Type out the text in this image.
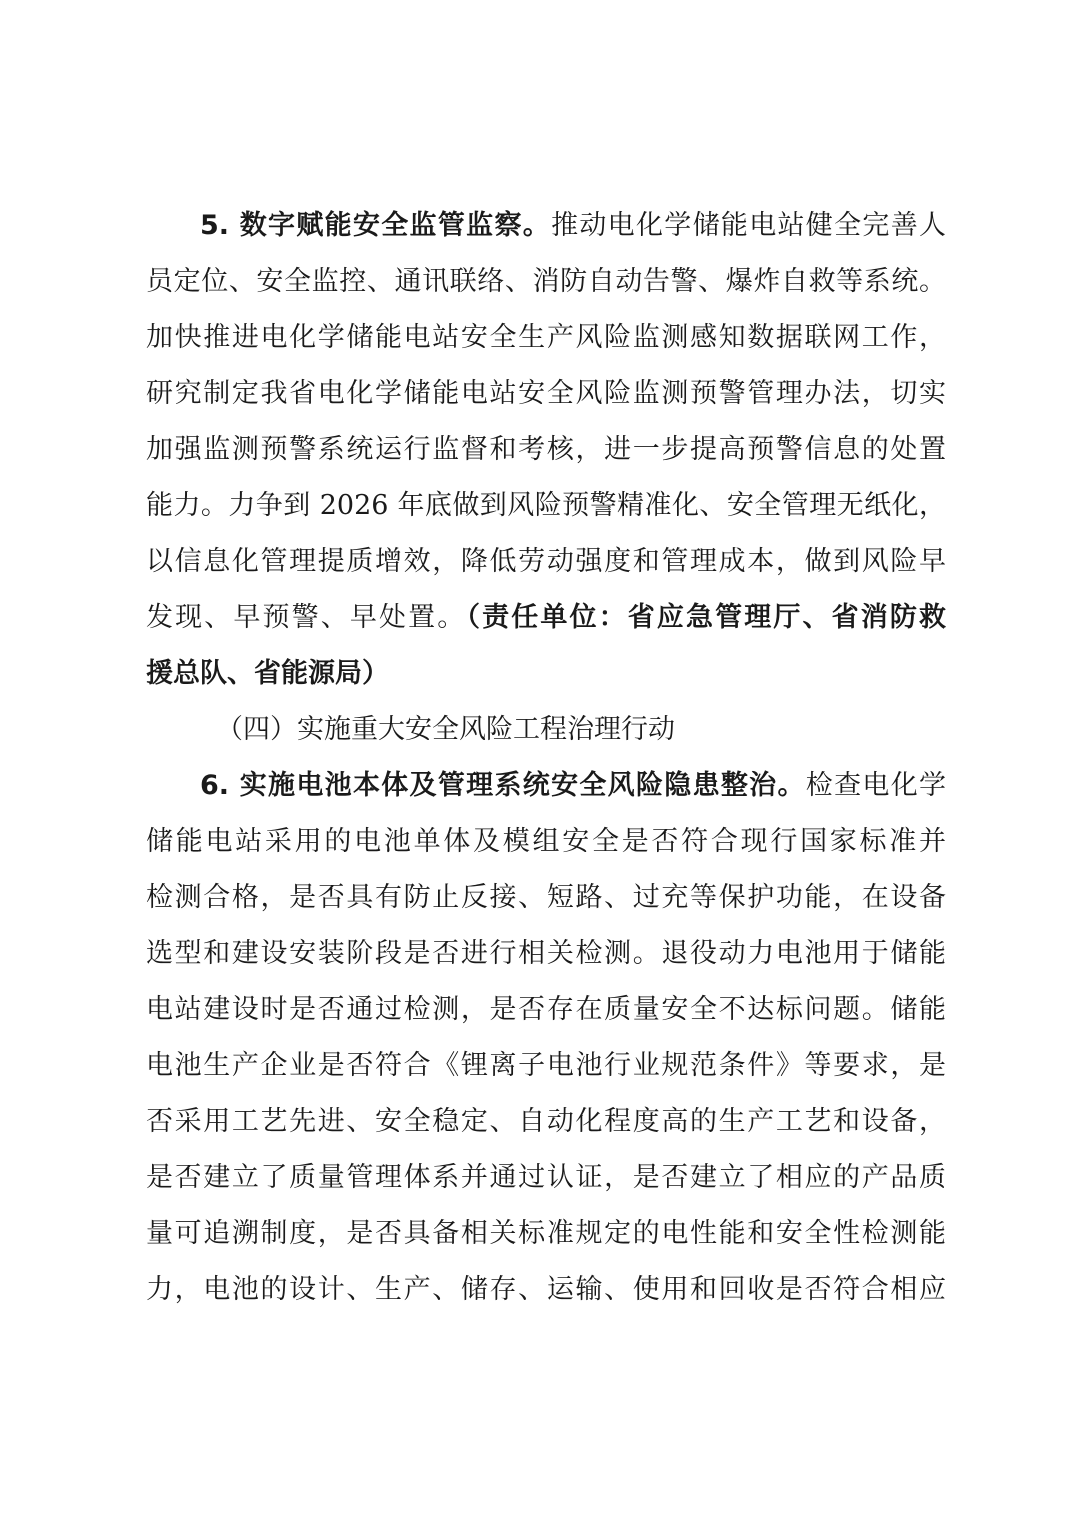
5. 数字赋能安全监管监察。推动电化学储能电站健全完善人
员定位、安全监控、通讯联络、消防自动告警、爆炸自救等系统。
加快推进电化学储能电站安全生产风险监测感知数据联网工作，
研究制定我省电化学储能电站安全风险监测预警管理办法，切实
加强监测预警系统运行监督和考核，进一步提高预警信息的处置
能力。力争到 2026 年底做到风险预警精准化、安全管理无纸化，
以信息化管理提质增效，降低劳动强度和管理成本，做到风险早
发现、早预警、早处置。（责任单位：省应急管理厅、省消防救
援总队、省能源局）
（四）实施重大安全风险工程治理行动
6. 实施电池本体及管理系统安全风险隐患整治。检查电化学
储能电站采用的电池单体及模组安全是否符合现行国家标准并
检测合格，是否具有防止反接、短路、过充等保护功能，在设备
选型和建设安装阶段是否进行相关检测。退役动力电池用于储能
电站建设时是否通过检测，是否存在质量安全不达标问题。储能
电池生产企业是否符合《锂离子电池行业规范条件》等要求，是
否采用工艺先进、安全稳定、自动化程度高的生产工艺和设备，
是否建立了质量管理体系并通过认证，是否建立了相应的产品质
量可追溯制度，是否具备相关标准规定的电性能和安全性检测能
力，电池的设计、生产、储存、运输、使用和回收是否符合相应
